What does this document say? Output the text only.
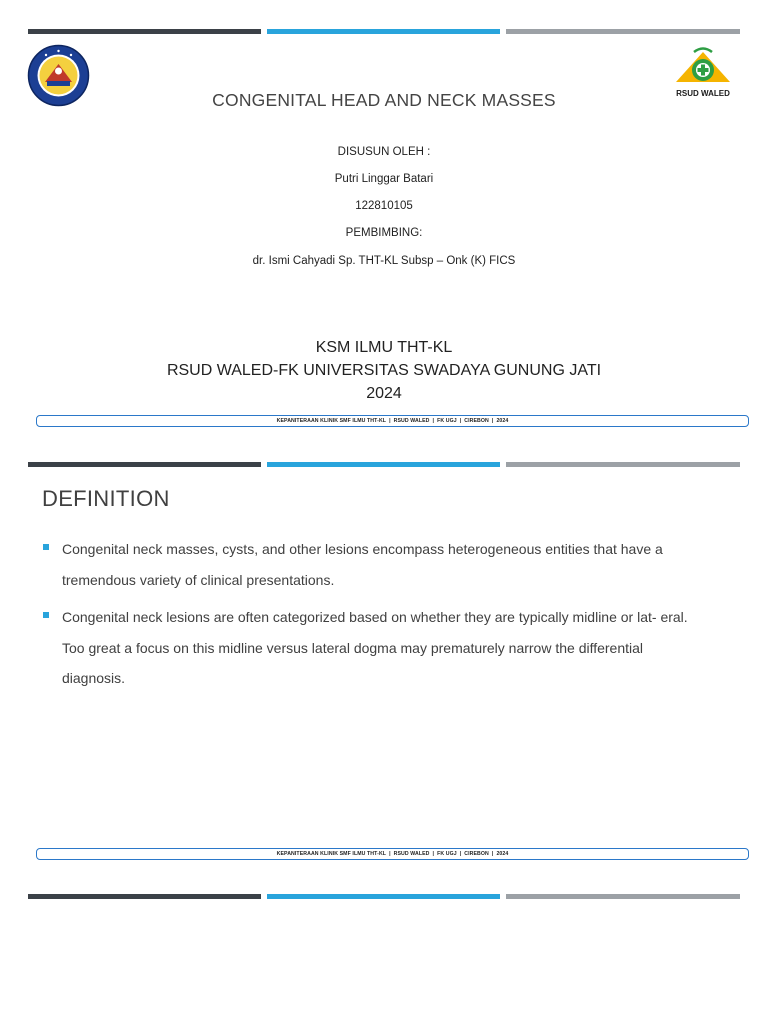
RSUD WALED
CONGENITAL HEAD AND NECK MASSES
DISUSUN OLEH :
Putri Linggar Batari
122810105
PEMBIMBING:
dr. Ismi Cahyadi Sp. THT-KL Subsp – Onk (K) FICS
KSM ILMU THT-KL
RSUD WALED-FK UNIVERSITAS SWADAYA GUNUNG JATI
2024
KEPANITERAAN KLINIK SMF ILMU THT-KL | RSUD WALED | FK UGJ | CIREBON | 2024
DEFINITION
Congenital neck masses, cysts, and other lesions encompass heterogeneous entities that have a
tremendous variety of clinical presentations.
Congenital neck lesions are often categorized based on whether they are typically midline or lat- eral.
Too great a focus on this midline versus lateral dogma may prematurely narrow the differential
diagnosis.
KEPANITERAAN KLINIK SMF ILMU THT-KL | RSUD WALED | FK UGJ | CIREBON | 2024
